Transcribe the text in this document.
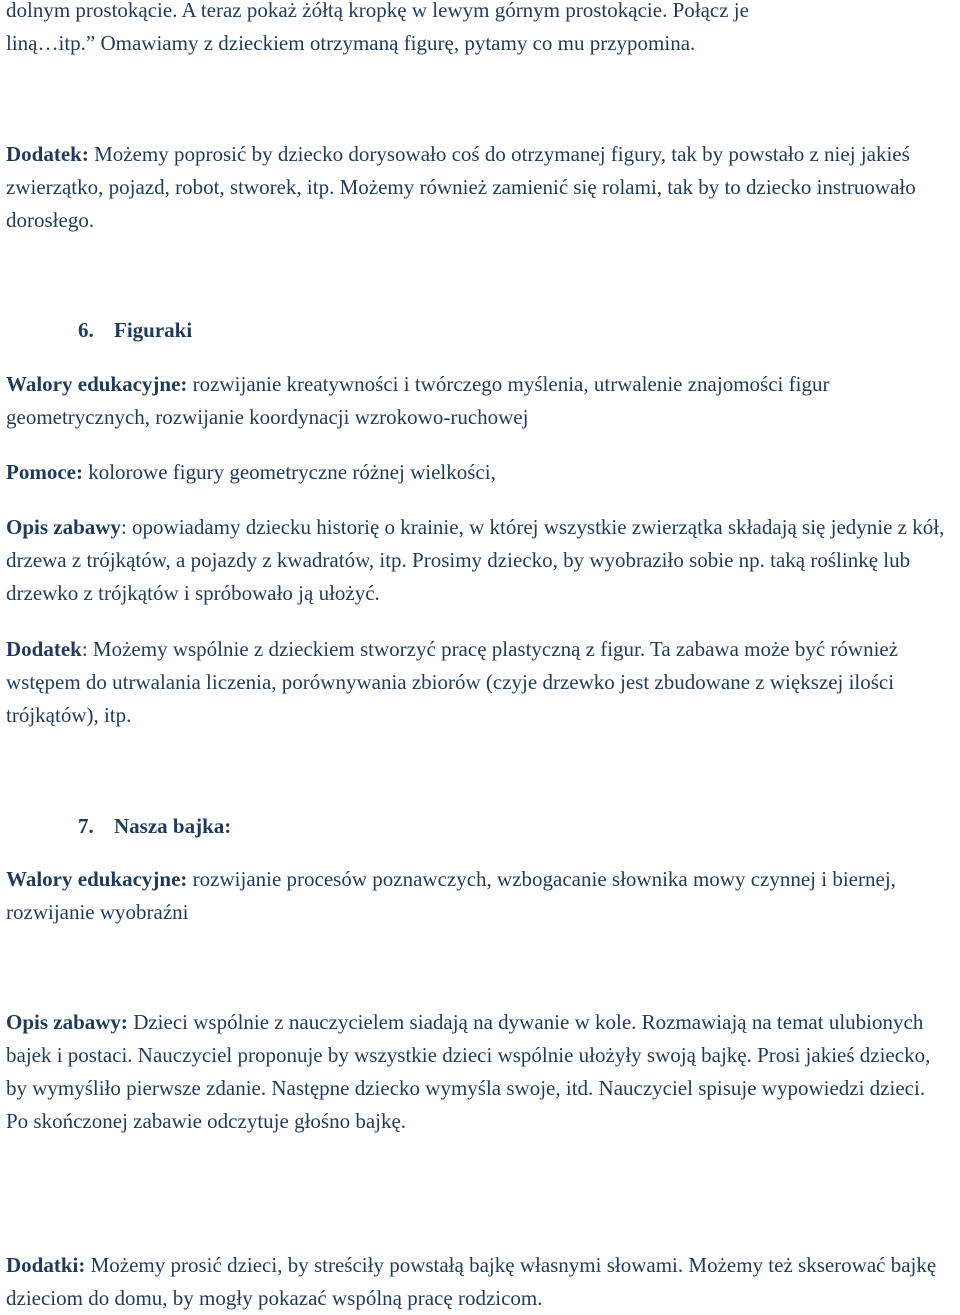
dolnym prostokącie. A teraz pokaż żółtą kropkę w lewym górnym prostokącie. Połącz je
liną…itp.” Omawiamy z dzieckiem otrzymaną figurę, pytamy co mu przypomina.

Dodatek: Możemy poprosić by dziecko dorysowało coś do otrzymanej figury, tak by powstało z niej jakieś zwierzątko, pojazd, robot, stworek, itp. Możemy również zamienić się rolami, tak by to dziecko instruowało dorosłego.

6. Figuraki

Walory edukacyjne: rozwijanie kreatywności i twórczego myślenia, utrwalenie znajomości figur geometrycznych, rozwijanie koordynacji wzrokowo-ruchowej

Pomoce: kolorowe figury geometryczne różnej wielkości,

Opis zabawy: opowiadamy dziecku historię o krainie, w której wszystkie zwierzątka składają się jedynie z kół, drzewa z trójkątów, a pojazdy z kwadratów, itp. Prosimy dziecko, by wyobraziło sobie np. taką roślinkę lub drzewko z trójkątów i spróbowało ją ułożyć.

Dodatek: Możemy wspólnie z dzieckiem stworzyć pracę plastyczną z figur. Ta zabawa może być również wstępem do utrwalania liczenia, porównywania zbiorów (czyje drzewko jest zbudowane z większej ilości trójkątów), itp.

7. Nasza bajka:

Walory edukacyjne: rozwijanie procesów poznawczych, wzbogacanie słownika mowy czynnej i biernej, rozwijanie wyobraźni

Opis zabawy: Dzieci wspólnie z nauczycielem siadają na dywanie w kole. Rozmawiają na temat ulubionych bajek i postaci. Nauczyciel proponuje by wszystkie dzieci wspólnie ułożyły swoją bajkę. Prosi jakieś dziecko, by wymyśliło pierwsze zdanie. Następne dziecko wymyśla swoje, itd. Nauczyciel spisuje wypowiedzi dzieci. Po skończonej zabawie odczytuje głośno bajkę.

Dodatki: Możemy prosić dzieci, by streściły powstałą bajkę własnymi słowami. Możemy też skserować bajkę dzieciom do domu, by mogły pokazać wspólną pracę rodzicom.
